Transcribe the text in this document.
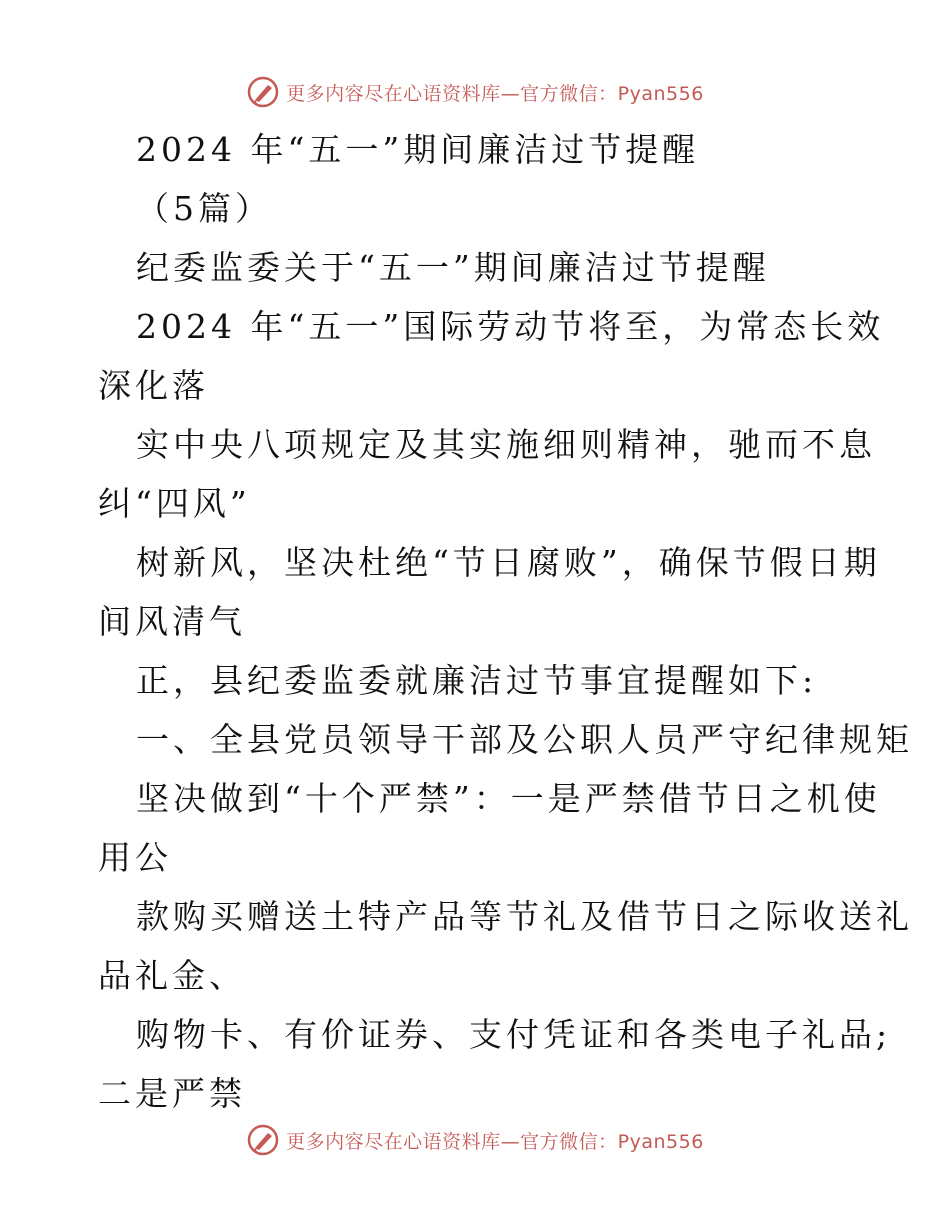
更多内容尽在心语资料库—官方微信：Pyan556
2024 年“五一”期间廉洁过节提醒
（5篇）
纪委监委关于“五一”期间廉洁过节提醒
2024 年“五一”国际劳动节将至，为常态长效
深化落
实中央八项规定及其实施细则精神，驰而不息
纠“四风”
树新风，坚决杜绝“节日腐败”，确保节假日期
间风清气
正，县纪委监委就廉洁过节事宜提醒如下:
一、全县党员领导干部及公职人员严守纪律规矩
坚决做到“十个严禁”：一是严禁借节日之机使
用公
款购买赠送土特产品等节礼及借节日之际收送礼
品礼金、
购物卡、有价证券、支付凭证和各类电子礼品;
二是严禁
更多内容尽在心语资料库—官方微信：Pyan556
